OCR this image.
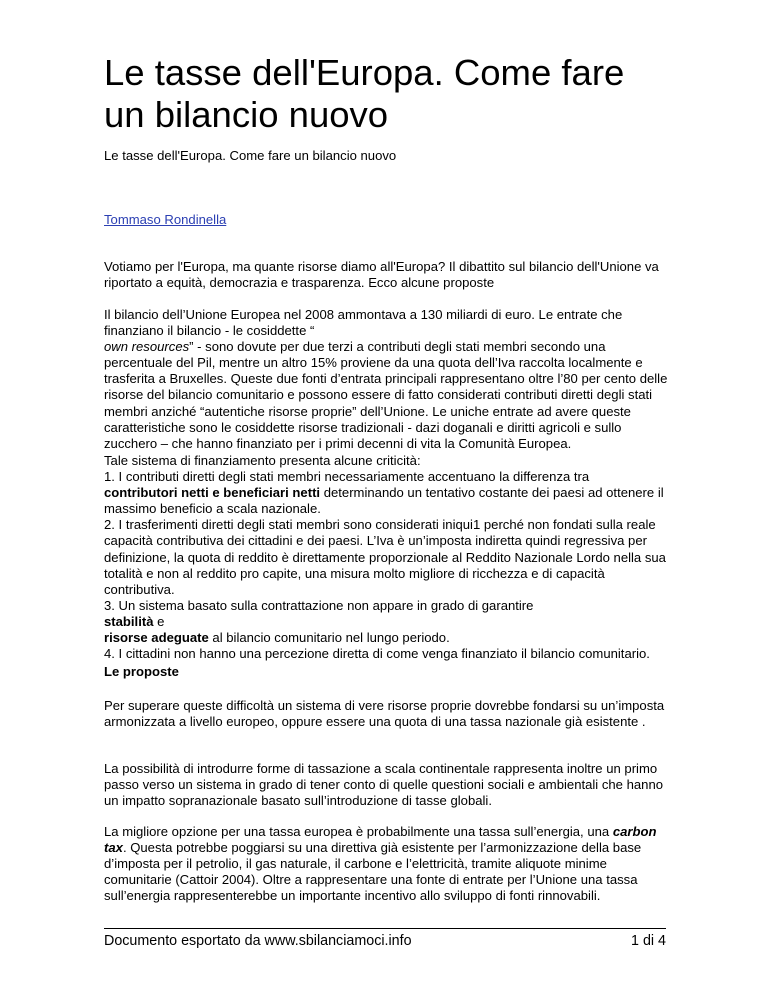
Le tasse dell'Europa. Come fare un bilancio nuovo

Le tasse dell'Europa. Come fare un bilancio nuovo

Tommaso Rondinella

Votiamo per l'Europa, ma quante risorse diamo all'Europa? Il dibattito sul bilancio dell'Unione va riportato a equità, democrazia e trasparenza. Ecco alcune proposte

Il bilancio dell’Unione Europea nel 2008 ammontava a 130 miliardi di euro. Le entrate che finanziano il bilancio - le cosiddette “
own resources” - sono dovute per due terzi a contributi degli stati membri secondo una percentuale del Pil, mentre un altro 15% proviene da una quota dell’Iva raccolta localmente e trasferita a Bruxelles. Queste due fonti d’entrata principali rappresentano oltre l’80 per cento delle risorse del bilancio comunitario e possono essere di fatto considerati contributi diretti degli stati membri anziché “autentiche risorse proprie” dell’Unione. Le uniche entrate ad avere queste caratteristiche sono le cosiddette risorse tradizionali - dazi doganali e diritti agricoli e sullo zucchero – che hanno finanziato per i primi decenni di vita la Comunità Europea.

Tale sistema di finanziamento presenta alcune criticità:
1. I contributi diretti degli stati membri necessariamente accentuano la differenza tra
contributori netti e beneficiari netti determinando un tentativo costante dei paesi ad ottenere il massimo beneficio a scala nazionale.
2. I trasferimenti diretti degli stati membri sono considerati iniqui1 perché non fondati sulla reale capacità contributiva dei cittadini e dei paesi. L’Iva è un’imposta indiretta quindi regressiva per definizione, la quota di reddito è direttamente proporzionale al Reddito Nazionale Lordo nella sua totalità e non al reddito pro capite, una misura molto migliore di ricchezza e di capacità contributiva.
3. Un sistema basato sulla contrattazione non appare in grado di garantire
stabilità e
risorse adeguate al bilancio comunitario nel lungo periodo.
4. I cittadini non hanno una percezione diretta di come venga finanziato il bilancio comunitario.

Le proposte

Per superare queste difficoltà un sistema di vere risorse proprie dovrebbe fondarsi su un’imposta armonizzata a livello europeo, oppure essere una quota di una tassa nazionale già esistente .

La possibilità di introdurre forme di tassazione a scala continentale rappresenta inoltre un primo passo verso un sistema in grado di tener conto di quelle questioni sociali e ambientali che hanno un impatto sopranazionale basato sull’introduzione di tasse globali.

La migliore opzione per una tassa europea è probabilmente una tassa sull’energia, una carbon tax. Questa potrebbe poggiarsi su una direttiva già esistente per l’armonizzazione della base d’imposta per il petrolio, il gas naturale, il carbone e l’elettricità, tramite aliquote minime comunitarie (Cattoir 2004). Oltre a rappresentare una fonte di entrate per l’Unione una tassa sull’energia rappresenterebbe un importante incentivo allo sviluppo di fonti rinnovabili.

Documento esportato da www.sbilanciamoci.info	1 di 4
